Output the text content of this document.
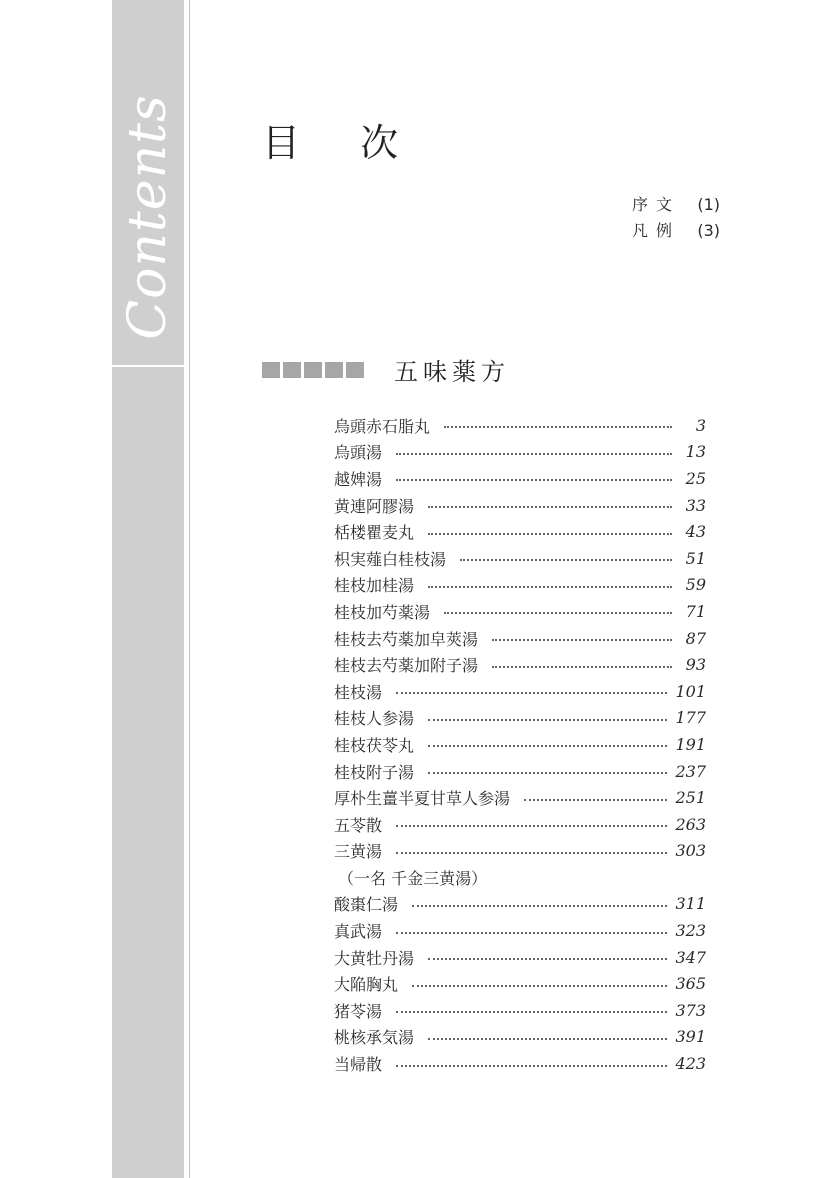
Contents 目 次
序文	(1)
凡例	(3)
五味薬方
烏頭赤石脂丸	3
烏頭湯	13
越婢湯	25
黄連阿膠湯	33
栝楼瞿麦丸	43
枳実薤白桂枝湯	51
桂枝加桂湯	59
桂枝加芍薬湯	71
桂枝去芍薬加皁莢湯	87
桂枝去芍薬加附子湯	93
桂枝湯	101
桂枝人参湯	177
桂枝茯苓丸	191
桂枝附子湯	237
厚朴生薑半夏甘草人参湯	251
五苓散	263
三黄湯	303
（一名 千金三黄湯）
酸棗仁湯	311
真武湯	323
大黄牡丹湯	347
大陥胸丸	365
猪苓湯	373
桃核承気湯	391
当帰散	423
